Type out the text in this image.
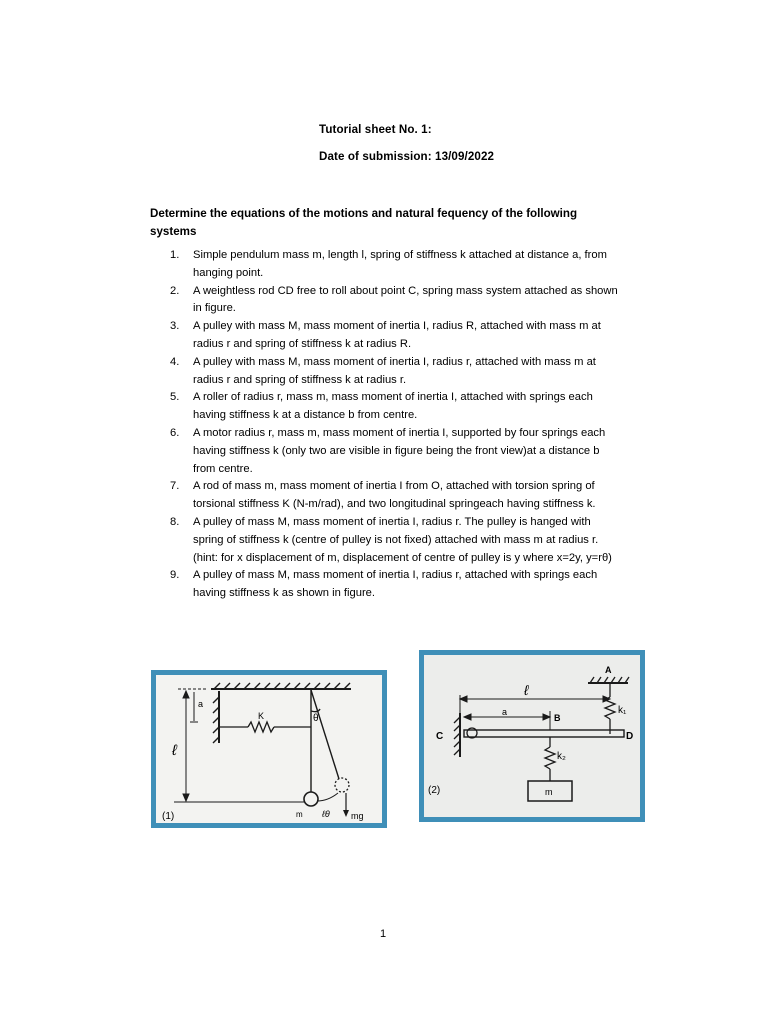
Tutorial sheet No. 1:
Date of submission: 13/09/2022
Determine the equations of the motions and natural fequency of the following systems
1. Simple pendulum mass m, length l, spring of stiffness k attached at distance a, from hanging point.
2. A weightless rod CD free to roll about point C, spring mass system attached as shown in figure.
3. A pulley with mass M, mass moment of inertia I, radius R, attached with mass m at radius r and spring of stiffness k at radius R.
4. A pulley with mass M, mass moment of inertia I, radius r, attached with mass m at radius r and spring of stiffness k at radius r.
5. A roller of radius r, mass m, mass moment of inertia I, attached with springs each having stiffness k at a distance b from centre.
6. A motor radius r, mass m, mass moment of inertia I, supported by four springs each having stiffness k (only two are visible in figure being the front view)at a distance b from centre.
7. A rod of mass m, mass moment of inertia I from O, attached with torsion spring of torsional stiffness K (N-m/rad), and two longitudinal springeach having stiffness k.
8. A pulley of mass M, mass moment of inertia I, radius r. The pulley is hanged with spring of stiffness k (centre of pulley is not fixed) attached with mass m at radius r. (hint: for x displacement of m, displacement of centre of pulley is y where x=2y, y=rθ)
9. A pulley of mass M, mass moment of inertia I, radius r, attached with springs each having stiffness k as shown in figure.
a
ℓ
K	θ
m ℓθ mg
(1)
A
k₁
C	D
ℓ
a
B
k₂
m
(2)
1
